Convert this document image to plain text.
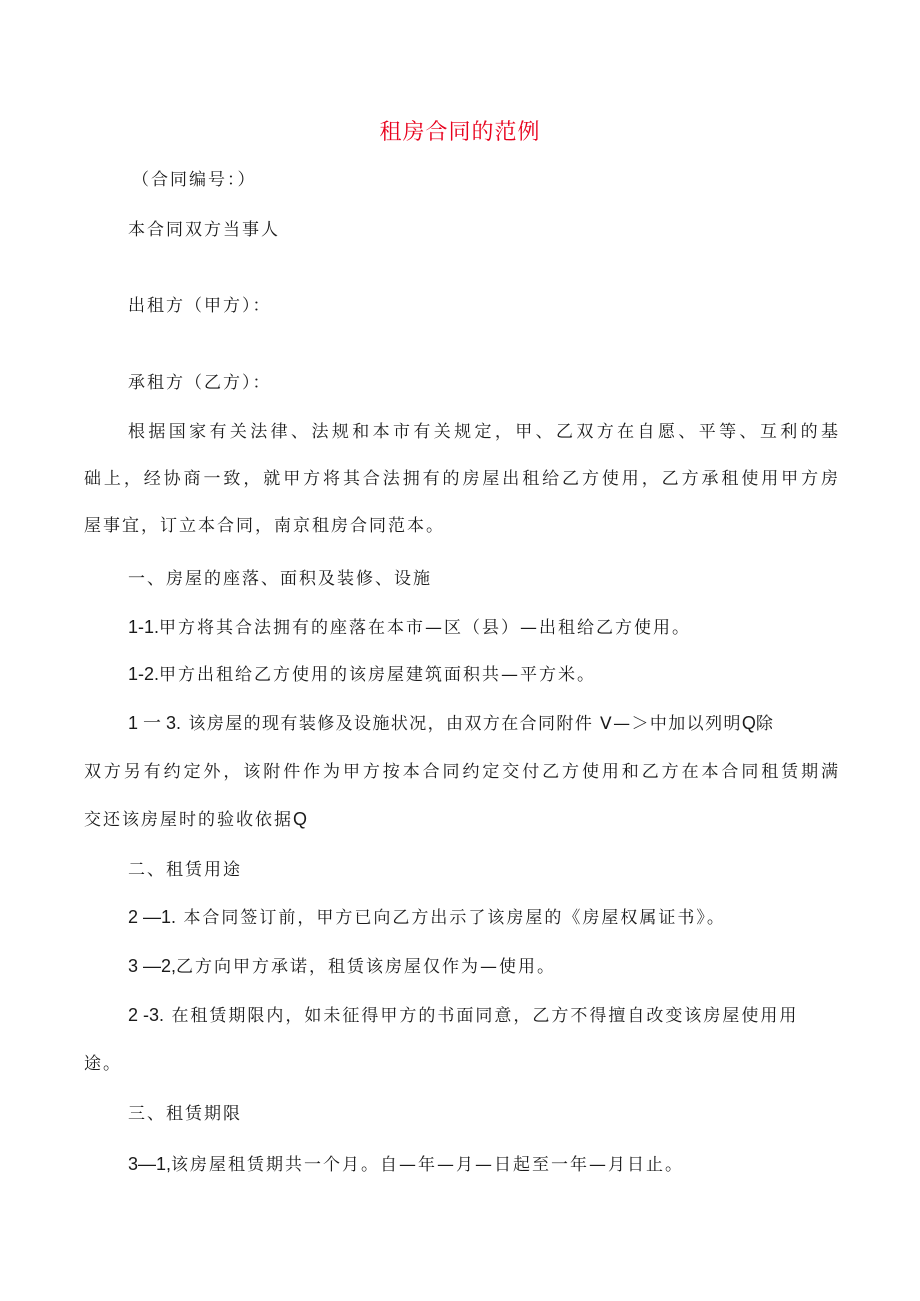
租房合同的范例
（合同编号：）
本合同双方当事人
出租方（甲方）：
承租方（乙方）：
根据国家有关法律、法规和本市有关规定，甲、乙双方在自愿、平等、互利的基
础上，经协商一致，就甲方将其合法拥有的房屋出租给乙方使用，乙方承租使用甲方房
屋事宜，订立本合同，南京租房合同范本。
一、房屋的座落、面积及装修、设施
1-1.甲方将其合法拥有的座落在本市—区（县）—出租给乙方使用。
1-2.甲方出租给乙方使用的该房屋建筑面积共—平方米。
1 一 3. 该房屋的现有装修及设施状况，由双方在合同附件 V—＞中加以列明Q除
双方另有约定外，该附件作为甲方按本合同约定交付乙方使用和乙方在本合同租赁期满
交还该房屋时的验收依据Q
二、租赁用途
2 —1. 本合同签订前，甲方已向乙方出示了该房屋的《房屋权属证书》。
3 —2,乙方向甲方承诺，租赁该房屋仅作为—使用。
2 -3. 在租赁期限内，如未征得甲方的书面同意，乙方不得擅自改变该房屋使用用
途。
三、租赁期限
3—1,该房屋租赁期共一个月。自—年—月—日起至一年—月日止。
